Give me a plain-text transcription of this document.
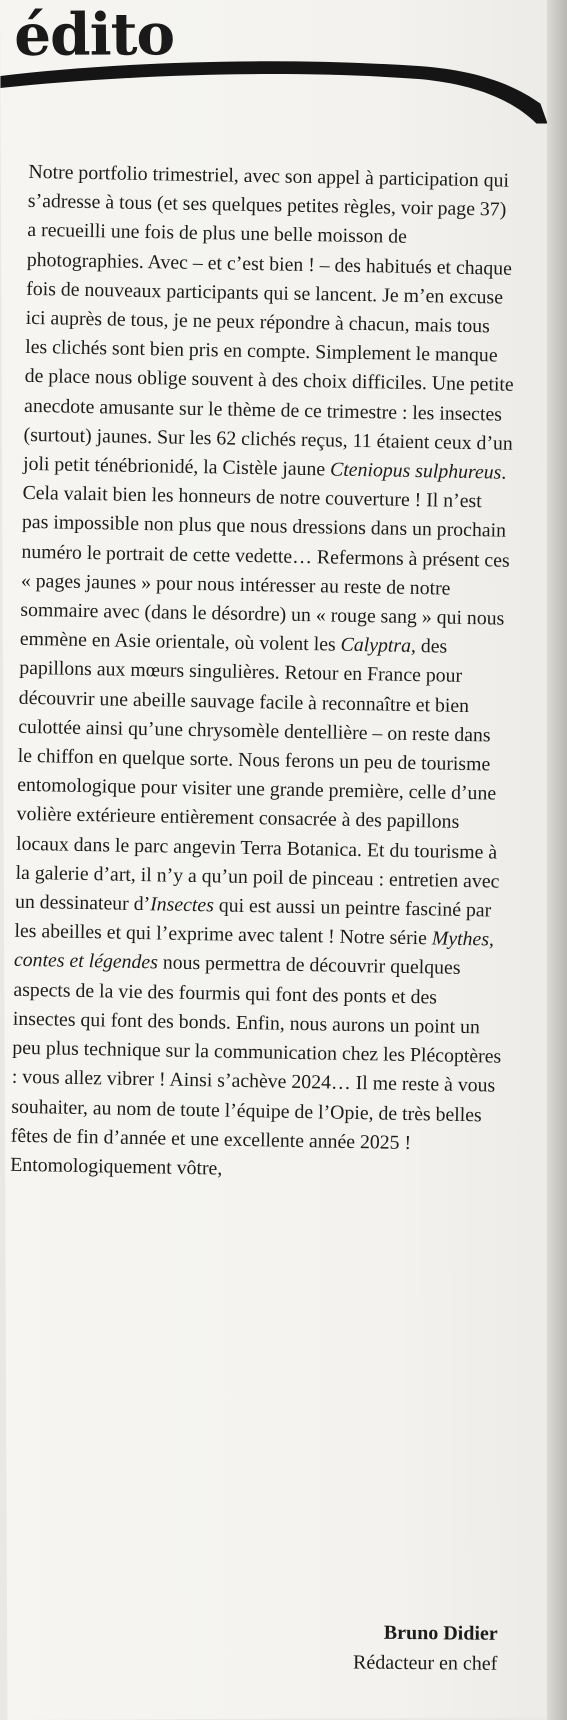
édito

Notre portfolio trimestriel, avec son appel à participation qui s’adresse à tous (et ses quelques petites règles, voir page 37) a recueilli une fois de plus une belle moisson de photographies. Avec – et c’est bien ! – des habitués et chaque fois de nouveaux participants qui se lancent. Je m’en excuse ici auprès de tous, je ne peux répondre à chacun, mais tous les clichés sont bien pris en compte. Simplement le manque de place nous oblige souvent à des choix difficiles. Une petite anecdote amusante sur le thème de ce trimestre : les insectes (surtout) jaunes. Sur les 62 clichés reçus, 11 étaient ceux d’un joli petit ténébrionidé, la Cistèle jaune Cteniopus sulphureus. Cela valait bien les honneurs de notre couverture ! Il n’est pas impossible non plus que nous dressions dans un prochain numéro le portrait de cette vedette… Refermons à présent ces « pages jaunes » pour nous intéresser au reste de notre sommaire avec (dans le désordre) un « rouge sang » qui nous emmène en Asie orientale, où volent les Calyptra, des papillons aux mœurs singulières. Retour en France pour découvrir une abeille sauvage facile à reconnaître et bien culottée ainsi qu’une chrysomèle dentellière – on reste dans le chiffon en quelque sorte. Nous ferons un peu de tourisme entomologique pour visiter une grande première, celle d’une volière extérieure entièrement consacrée à des papillons locaux dans le parc angevin Terra Botanica. Et du tourisme à la galerie d’art, il n’y a qu’un poil de pinceau : entretien avec un dessinateur d’Insectes qui est aussi un peintre fasciné par les abeilles et qui l’exprime avec talent ! Notre série Mythes, contes et légendes nous permettra de découvrir quelques aspects de la vie des fourmis qui font des ponts et des insectes qui font des bonds. Enfin, nous aurons un point un peu plus technique sur la communication chez les Plécoptères : vous allez vibrer ! Ainsi s’achève 2024… Il me reste à vous souhaiter, au nom de toute l’équipe de l’Opie, de très belles fêtes de fin d’année et une excellente année 2025 !

Entomologiquement vôtre,

Bruno Didier
Rédacteur en chef
